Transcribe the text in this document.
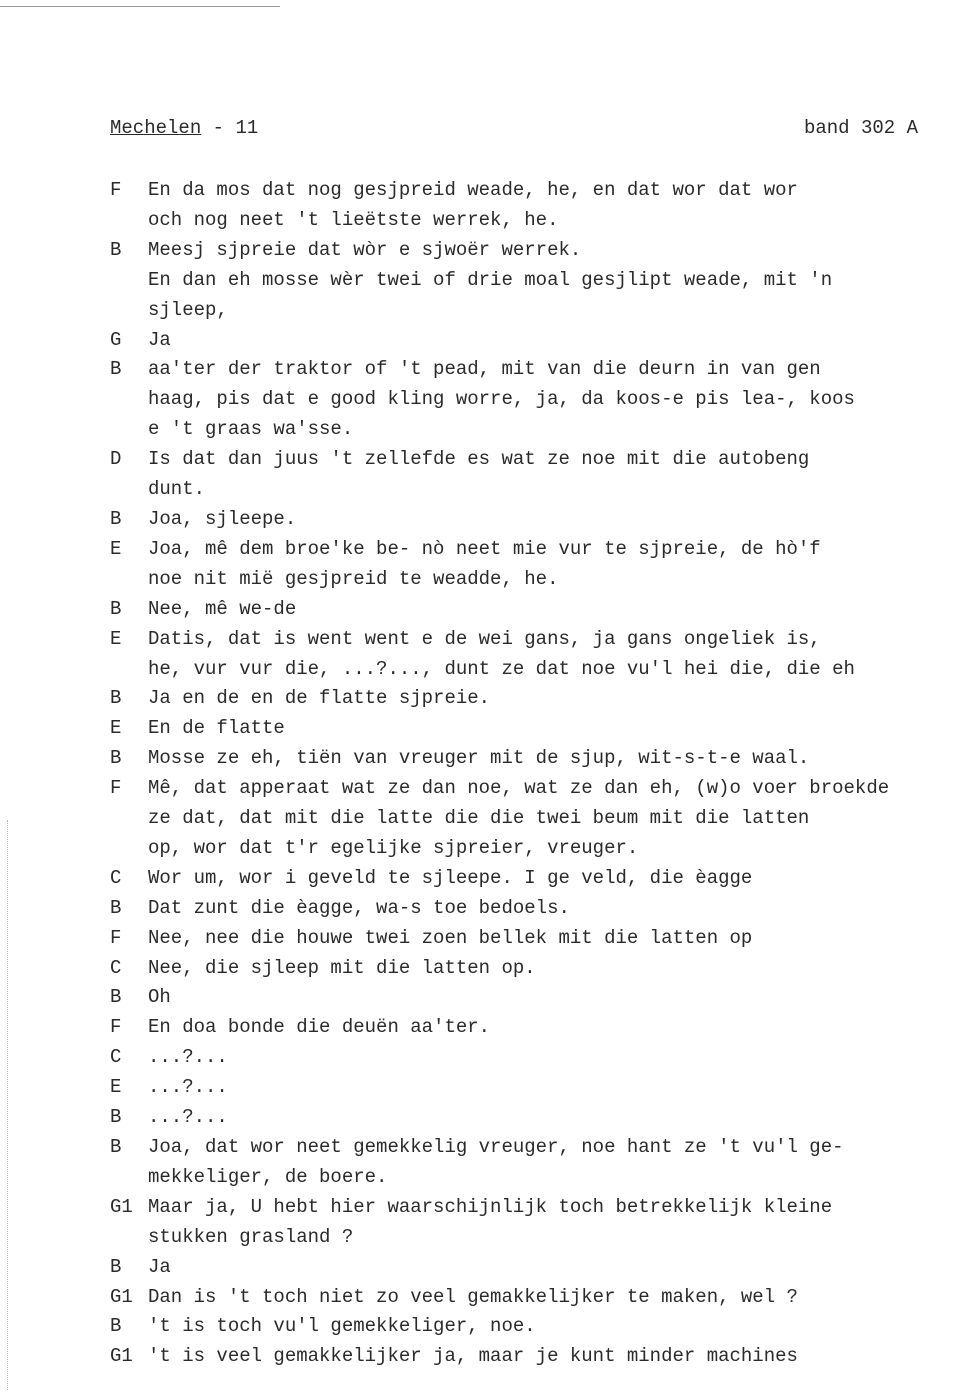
Mechelen - 11	band 302 A
F	En da mos dat nog gesjpreid weade, he, en dat wor dat wor
och nog neet 't lieëtste werrek, he.
B	Meesj sjpreie dat wòr e sjwoër werrek.
En dan eh mosse wèr twei of drie moal gesjlipt weade, mit 'n
sjleep,
G	Ja
B	aa'ter der traktor of 't pead, mit van die deurn in van gen
haag, pis dat e good kling worre, ja, da koos-e pis lea-, koos
e 't graas wa'sse.
D	Is dat dan juus 't zellefde es wat ze noe mit die autobeng
dunt.
B	Joa, sjleepe.
E	Joa, mê dem broe'ke be- nò neet mie vur te sjpreie, de hò'f
noe nit mië gesjpreid te weadde, he.
B	Nee, mê we-de
E	Datis, dat is went went e de wei gans, ja gans ongeliek is,
he, vur vur die, ...?..., dunt ze dat noe vu'l hei die, die eh
B	Ja en de en de flatte sjpreie.
E	En de flatte
B	Mosse ze eh, tiën van vreuger mit de sjup, wit-s-t-e waal.
F	Mê, dat apperaat wat ze dan noe, wat ze dan eh, (w)o voer broekde
ze dat, dat mit die latte die die twei beum mit die latten
op, wor dat t'r egelijke sjpreier, vreuger.
C	Wor um, wor i geveld te sjleepe. I ge veld, die èagge
B	Dat zunt die èagge, wa-s toe bedoels.
F	Nee, nee die houwe twei zoen bellek mit die latten op
C	Nee, die sjleep mit die latten op.
B	Oh
F	En doa bonde die deuën aa'ter.
C	...?...
E	...?...
B	...?...
B	Joa, dat wor neet gemekkelig vreuger, noe hant ze 't vu'l ge-
mekkeliger, de boere.
G1 Maar ja, U hebt hier waarschijnlijk toch betrekkelijk kleine
stukken grasland ?
B	Ja
G1 Dan is 't toch niet zo veel gemakkelijker te maken, wel ?
B	't is toch vu'l gemekkeliger, noe.
G1 't is veel gemakkelijker ja, maar je kunt minder machines
